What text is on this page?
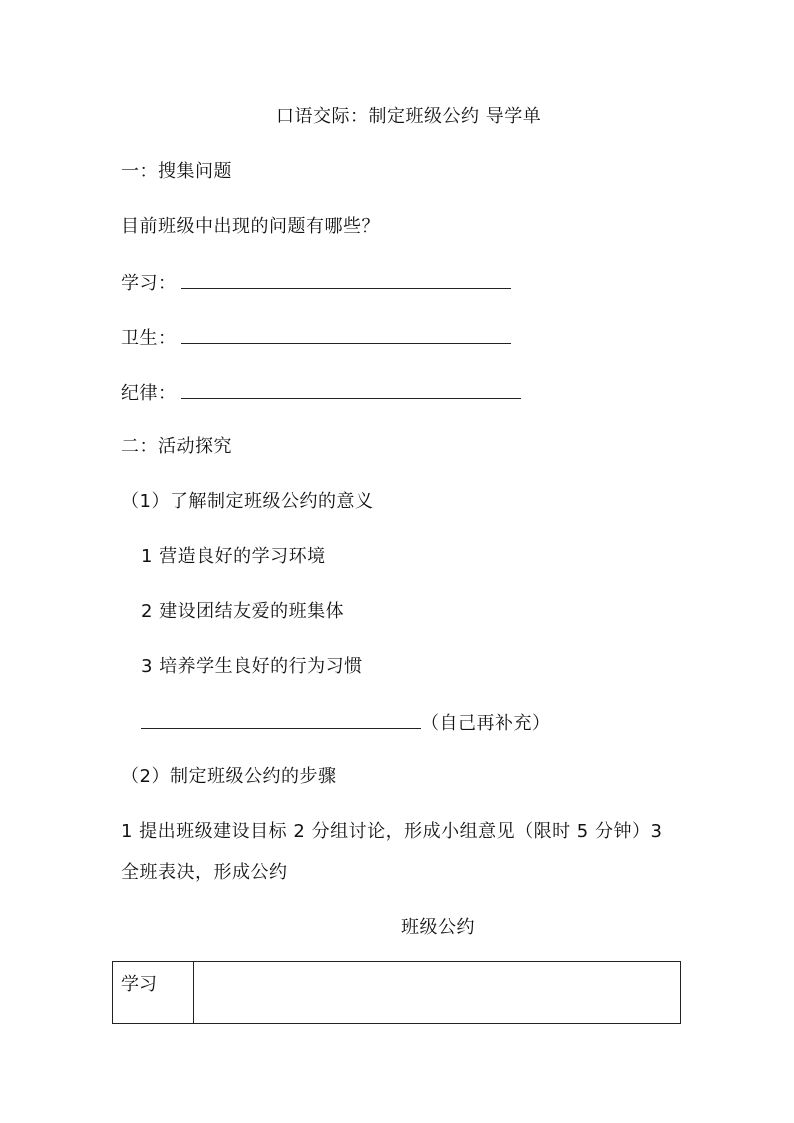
口语交际：制定班级公约 导学单
一：搜集问题
目前班级中出现的问题有哪些？
学习：
卫生：
纪律：
二：活动探究
（1）了解制定班级公约的意义
1 营造良好的学习环境
2 建设团结友爱的班集体
3 培养学生良好的行为习惯
（自己再补充）
（2）制定班级公约的步骤
1 提出班级建设目标 2 分组讨论，形成小组意见（限时 5 分钟）3
全班表决，形成公约
班级公约
学习	
